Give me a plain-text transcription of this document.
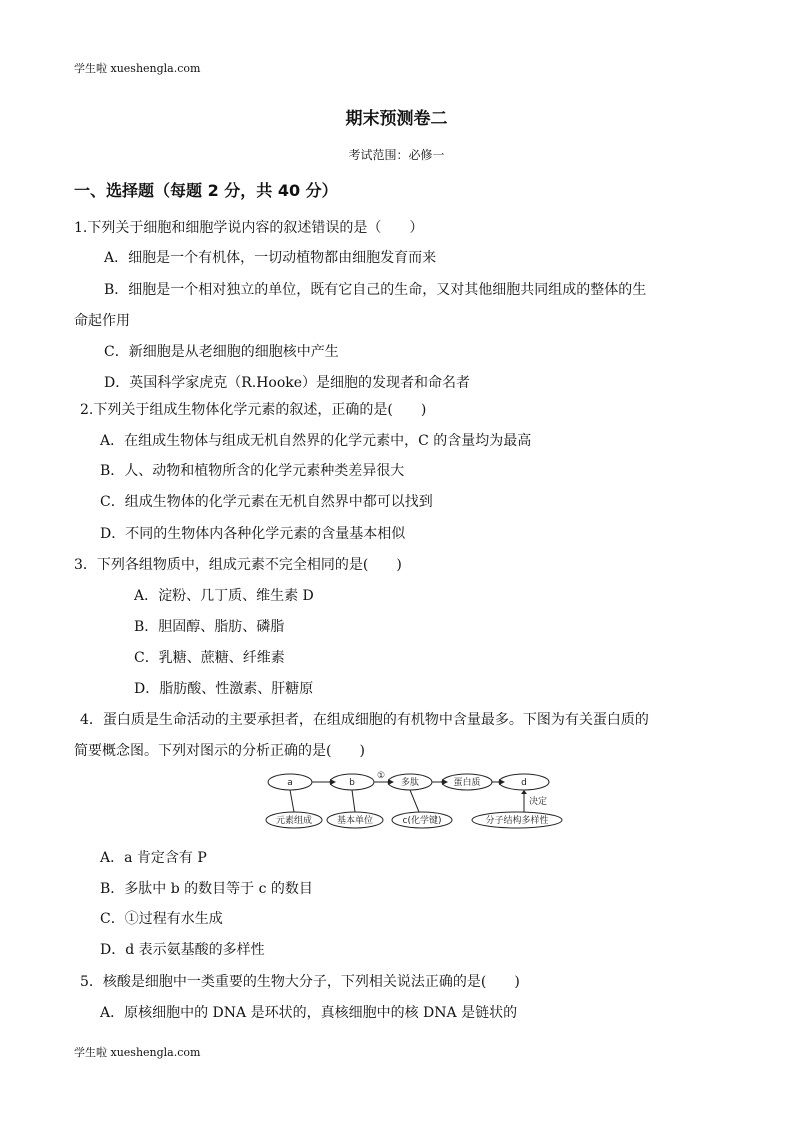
学生啦 xueshengla.com
期末预测卷二
考试范围：必修一
一、选择题（每题 2 分，共 40 分）
1.下列关于细胞和细胞学说内容的叙述错误的是（　　）
A．细胞是一个有机体，一切动植物都由细胞发育而来
B．细胞是一个相对独立的单位，既有它自己的生命，又对其他细胞共同组成的整体的生
命起作用
C．新细胞是从老细胞的细胞核中产生
D．英国科学家虎克（R.Hooke）是细胞的发现者和命名者
2.下列关于组成生物体化学元素的叙述，正确的是(　　)
A．在组成生物体与组成无机自然界的化学元素中，C 的含量均为最高
B．人、动物和植物所含的化学元素种类差异很大
C．组成生物体的化学元素在无机自然界中都可以找到
D．不同的生物体内各种化学元素的含量基本相似
3．下列各组物质中，组成元素不完全相同的是(　　)
A．淀粉、几丁质、维生素 D
B．胆固醇、脂肪、磷脂
C．乳糖、蔗糖、纤维素
D．脂肪酸、性激素、肝糖原
4．蛋白质是生命活动的主要承担者，在组成细胞的有机物中含量最多。下图为有关蛋白质的
简要概念图。下列对图示的分析正确的是(　　)
a	b	多肽	蛋白质	d
元素组成	基本单位	c(化学键)	分子结构多样性
①
决定
A．a 肯定含有 P
B．多肽中 b 的数目等于 c 的数目
C．①过程有水生成
D．d 表示氨基酸的多样性
5．核酸是细胞中一类重要的生物大分子，下列相关说法正确的是(　　)
A．原核细胞中的 DNA 是环状的，真核细胞中的核 DNA 是链状的
学生啦 xueshengla.com
